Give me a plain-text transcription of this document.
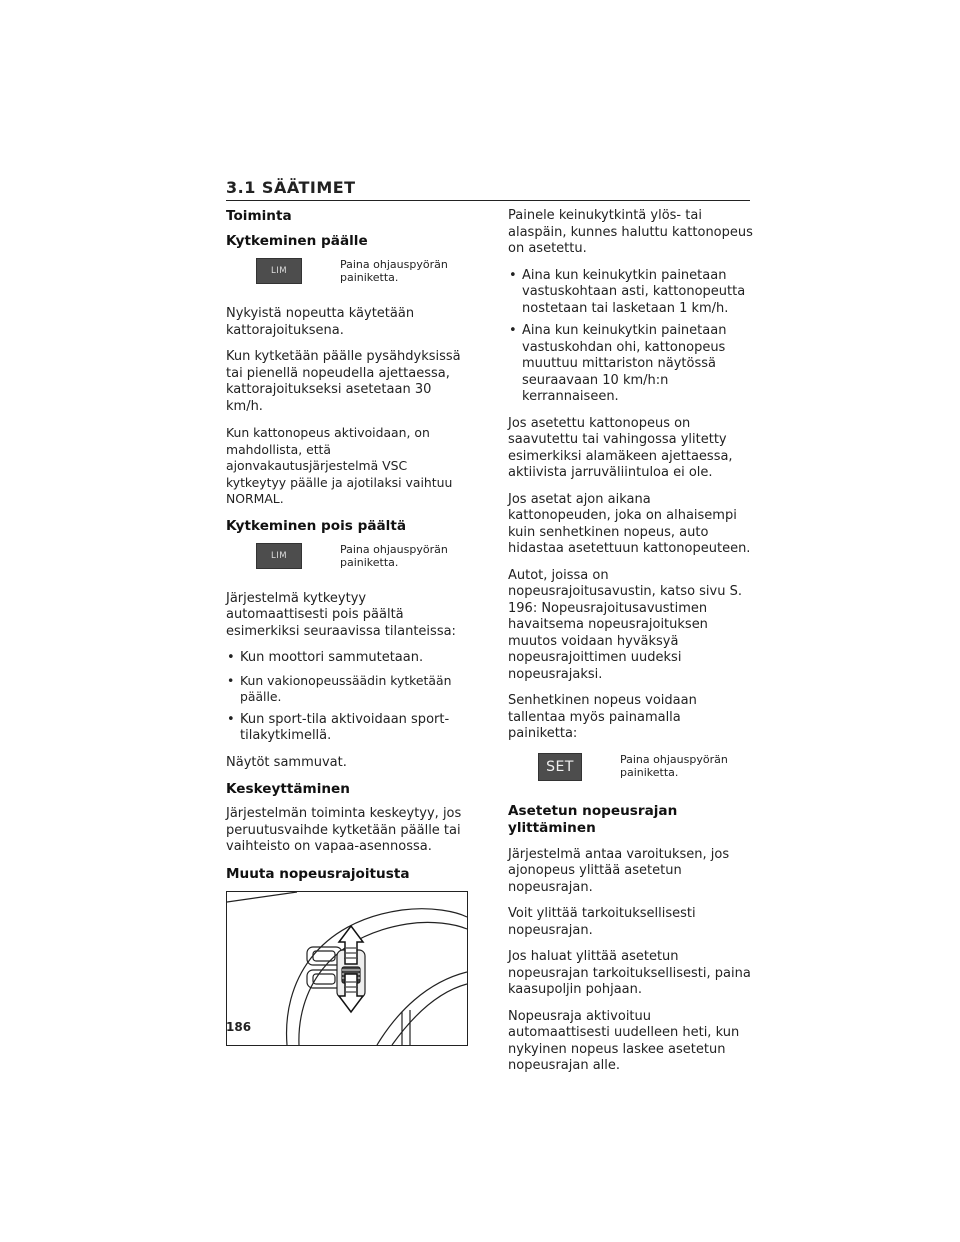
3.1 SÄÄTIMET
Toiminta
Kytkeminen päälle
LIM	Paina ohjauspyörän painiketta.

Nykyistä nopeutta käytetään kattorajoituksena.

Kun kytketään päälle pysähdyksissä tai pienellä nopeudella ajettaessa, kattorajoitukseksi asetetaan 30 km/h.

Kun kattonopeus aktivoidaan, on mahdollista, että ajonvakautusjärjestelmä VSC kytkeytyy päälle ja ajotilaksi vaihtuu NORMAL.

Kytkeminen pois päältä
LIM	Paina ohjauspyörän painiketta.

Järjestelmä kytkeytyy automaattisesti pois päältä esimerkiksi seuraavissa tilanteissa:

• Kun moottori sammutetaan.
• Kun vakionopeussäädin kytketään päälle.
• Kun sport-tila aktivoidaan sport-tilakytkimellä.

Näytöt sammuvat.

Keskeyttäminen

Järjestelmän toiminta keskeytyy, jos peruutusvaihde kytketään päälle tai vaihteisto on vapaa-asennossa.

Muuta nopeusrajoitusta

Painele keinukytkintä ylös- tai alaspäin, kunnes haluttu kattonopeus on asetettu.

• Aina kun keinukytkin painetaan vastuskohtaan asti, kattonopeutta nostetaan tai lasketaan 1 km/h.
• Aina kun keinukytkin painetaan vastuskohdan ohi, kattonopeus muuttuu mittariston näytössä seuraavaan 10 km/h:n kerrannaiseen.

Jos asetettu kattonopeus on saavutettu tai vahingossa ylitetty esimerkiksi alamäkeen ajettaessa, aktiivista jarruväliintuloa ei ole.

Jos asetat ajon aikana kattonopeuden, joka on alhaisempi kuin senhetkinen nopeus, auto hidastaa asetettuun kattonopeuteen.

Autot, joissa on nopeusrajoitusavustin, katso sivu S. 196: Nopeusrajoitusavustimen havaitsema nopeusrajoituksen muutos voidaan hyväksyä nopeusrajoittimen uudeksi nopeusrajaksi.

Senhetkinen nopeus voidaan tallentaa myös painamalla painiketta:

SET	Paina ohjauspyörän painiketta.
Asetetun nopeusrajan ylittäminen

Järjestelmä antaa varoituksen, jos ajonopeus ylittää asetetun nopeusrajan.

Voit ylittää tarkoituksellisesti nopeusrajan.

Jos haluat ylittää asetetun nopeusrajan tarkoituksellisesti, paina kaasupoljin pohjaan.

Nopeusraja aktivoituu automaattisesti uudelleen heti, kun nykyinen nopeus laskee asetetun nopeusrajan alle.

186
